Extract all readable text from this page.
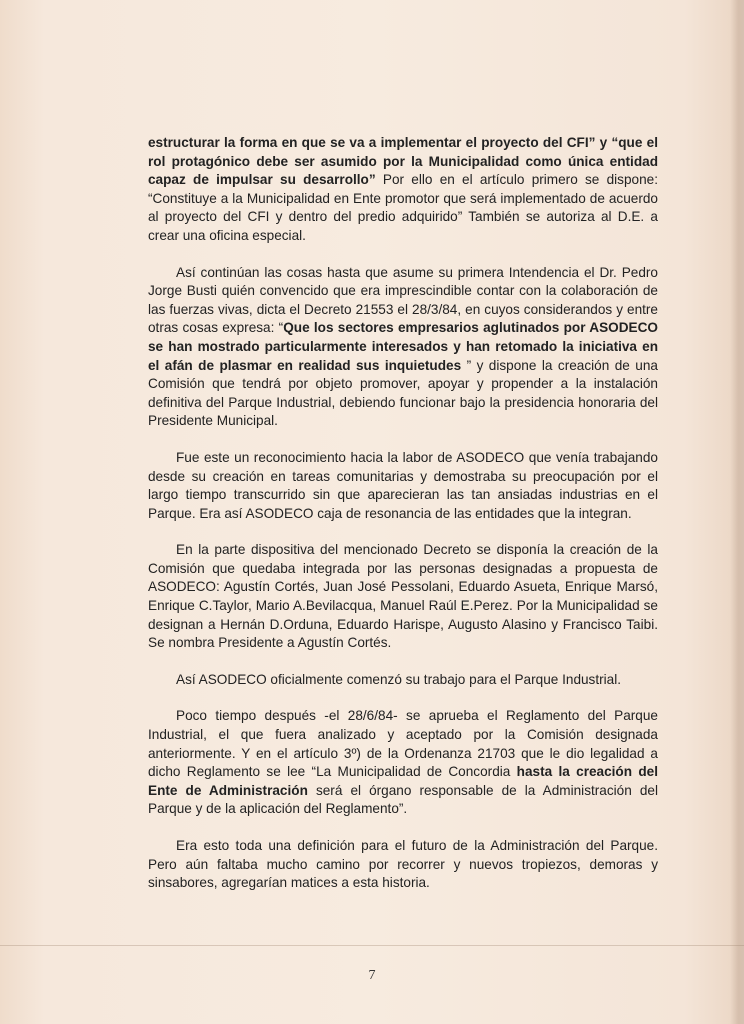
estructurar la forma en que se va a implementar el proyecto del CFI” y “que el rol protagónico debe ser asumido por la Municipalidad como única entidad capaz de impulsar su desarrollo” Por ello en el artículo primero se dispone: “Constituye a la Municipalidad en Ente promotor que será implementado de acuerdo al proyecto del CFI y dentro del predio adquirido” También se autoriza al D.E. a crear una oficina especial.

Así continúan las cosas hasta que asume su primera Intendencia el Dr. Pedro Jorge Busti quién convencido que era imprescindible contar con la colaboración de las fuerzas vivas, dicta el Decreto 21553 el 28/3/84, en cuyos considerandos y entre otras cosas expresa: “Que los sectores empresarios aglutinados por ASODECO se han mostrado particularmente interesados y han retomado la iniciativa en el afán de plasmar en realidad sus inquietudes ” y dispone la creación de una Comisión que tendrá por objeto promover, apoyar y propender a la instalación definitiva del Parque Industrial, debiendo funcionar bajo la presidencia honoraria del Presidente Municipal.

Fue este un reconocimiento hacia la labor de ASODECO que venía trabajando desde su creación en tareas comunitarias y demostraba su preocupación por el largo tiempo transcurrido sin que aparecieran las tan ansiadas industrias en el Parque. Era así ASODECO caja de resonancia de las entidades que la integran.

En la parte dispositiva del mencionado Decreto se disponía la creación de la Comisión que quedaba integrada por las personas designadas a propuesta de ASODECO: Agustín Cortés, Juan José Pessolani, Eduardo Asueta, Enrique Marsó, Enrique C.Taylor, Mario A.Bevilacqua, Manuel Raúl E.Perez. Por la Municipalidad se designan a Hernán D.Orduna, Eduardo Harispe, Augusto Alasino y Francisco Taibi. Se nombra Presidente a Agustín Cortés.

Así ASODECO oficialmente comenzó su trabajo para el Parque Industrial.

Poco tiempo después -el 28/6/84- se aprueba el Reglamento del Parque Industrial, el que fuera analizado y aceptado por la Comisión designada anteriormente. Y en el artículo 3º) de la Ordenanza 21703 que le dio legalidad a dicho Reglamento se lee “La Municipalidad de Concordia hasta la creación del Ente de Administración será el órgano responsable de la Administración del Parque y de la aplicación del Reglamento”.

Era esto toda una definición para el futuro de la Administración del Parque. Pero aún faltaba mucho camino por recorrer y nuevos tropiezos, demoras y sinsabores, agregarían matices a esta historia.

7
